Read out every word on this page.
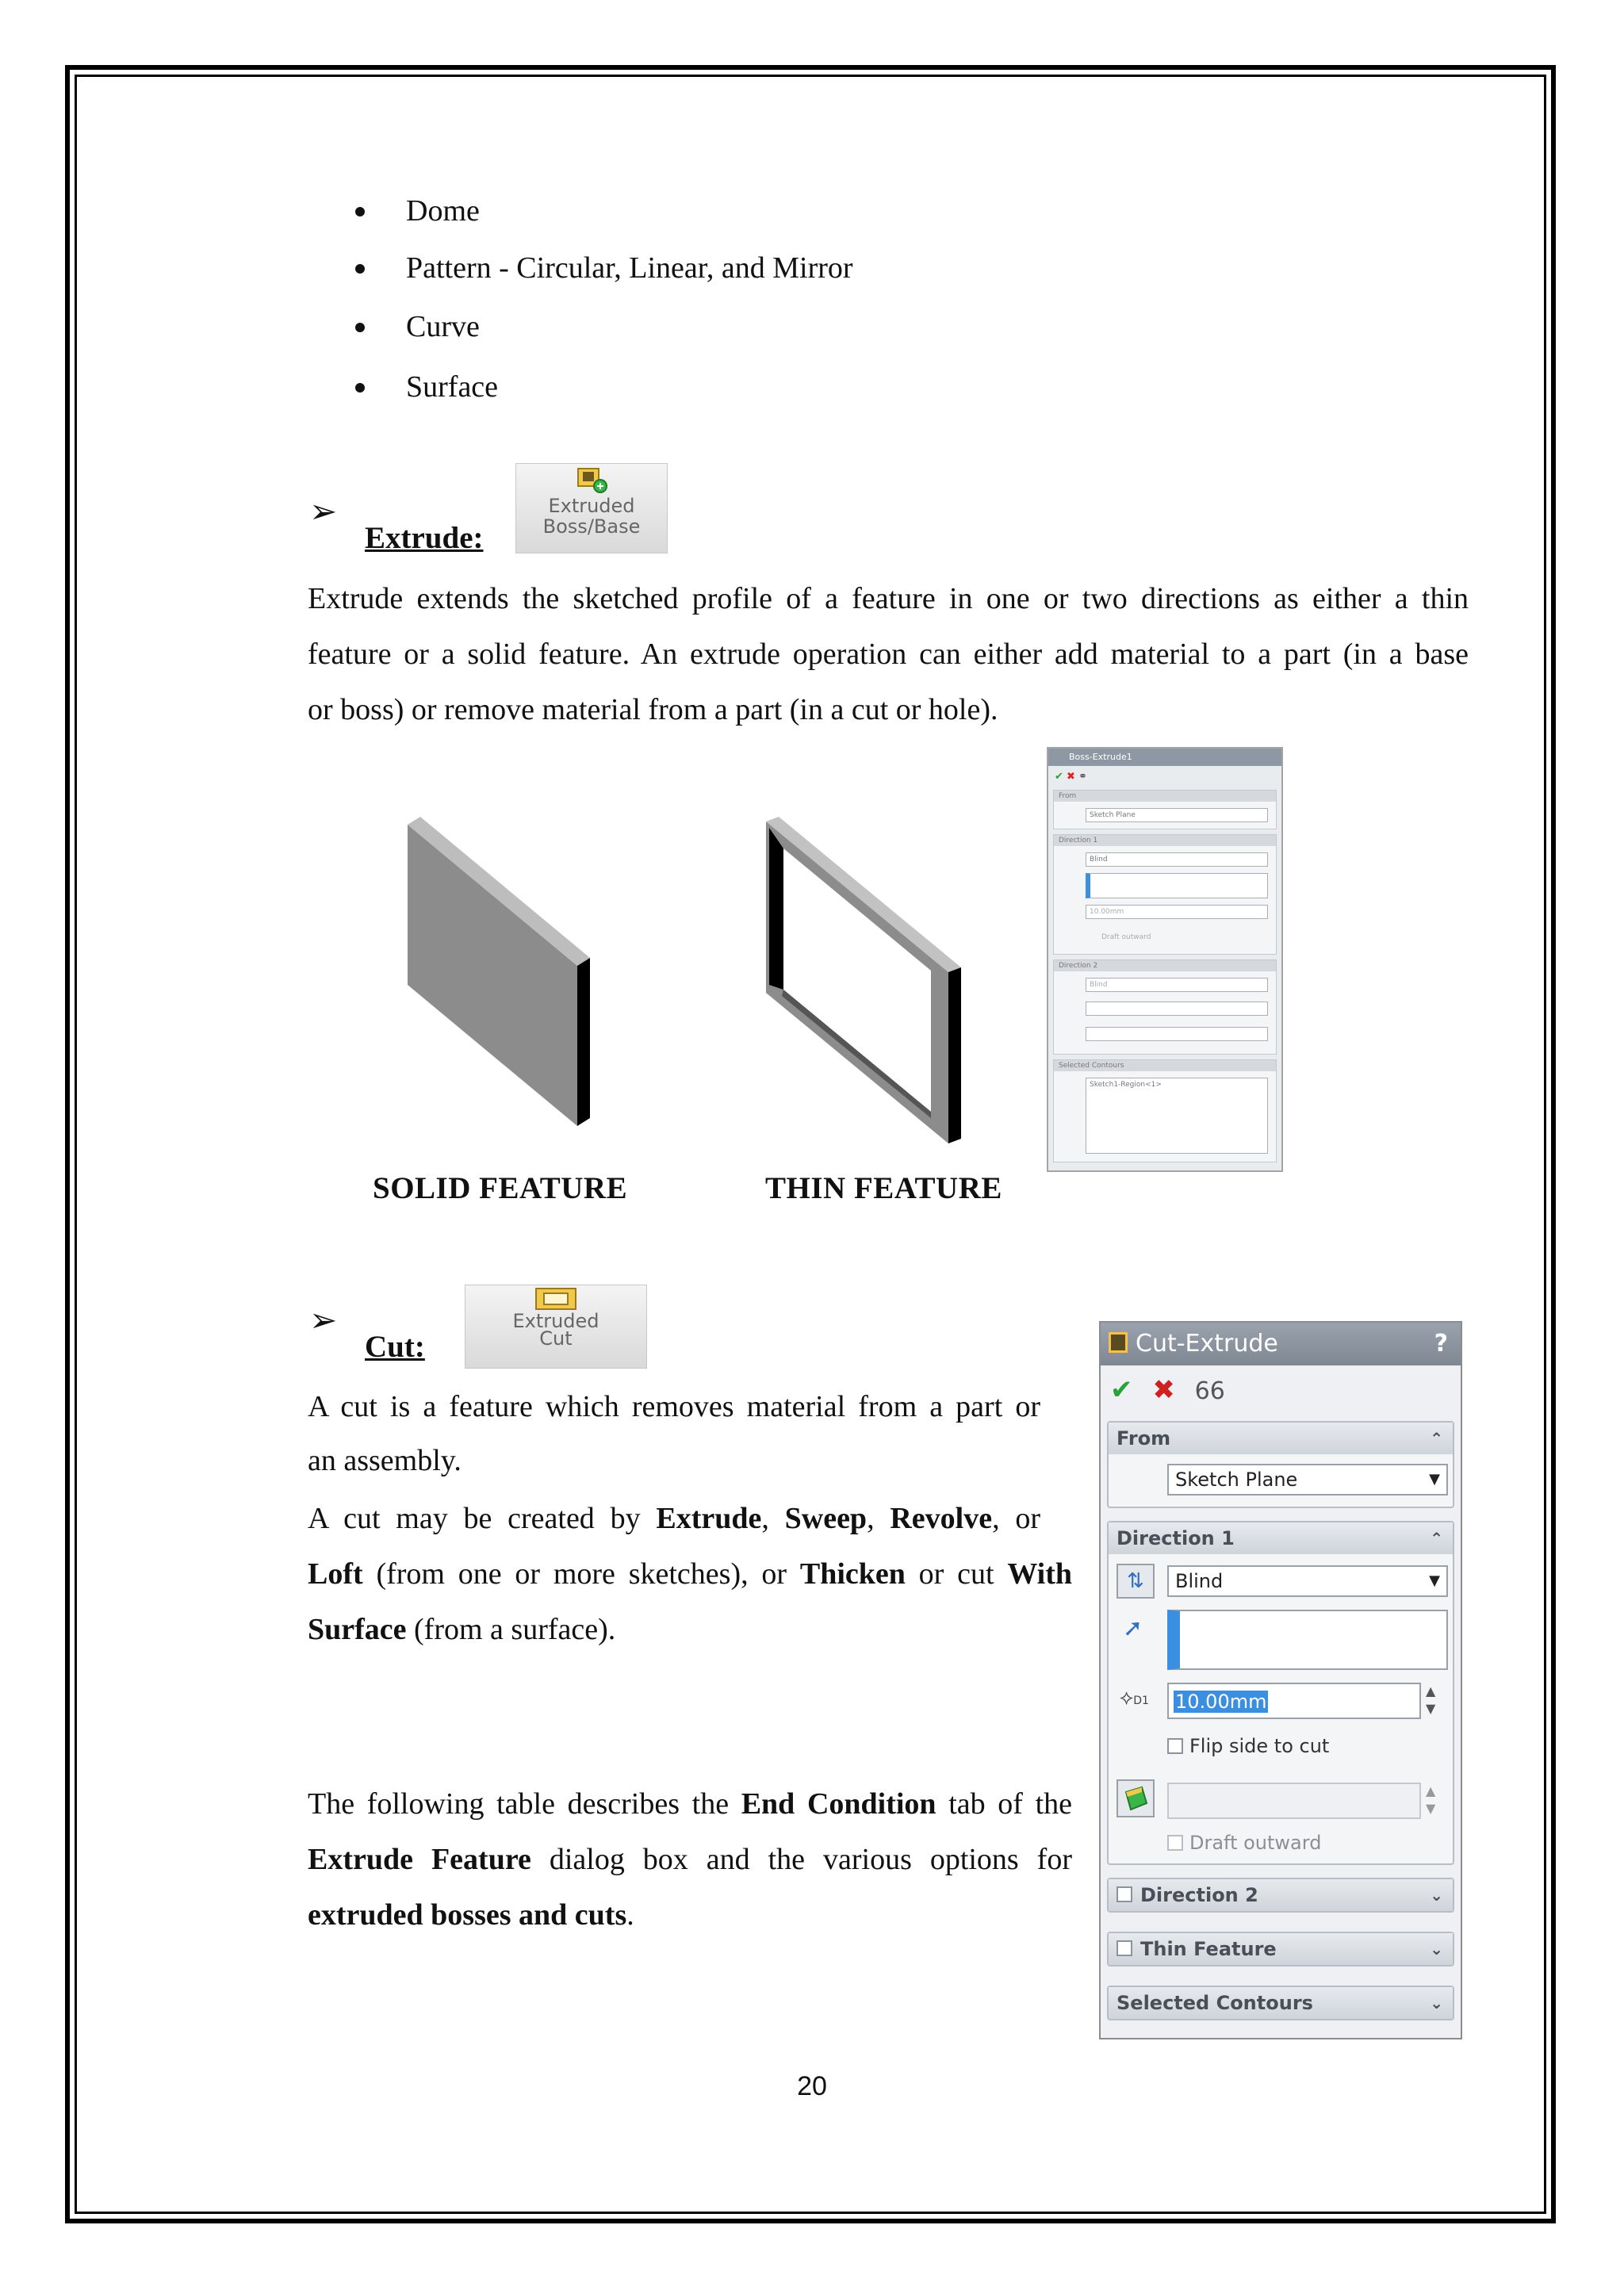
Dome
Pattern - Circular, Linear, and Mirror
Curve
Surface
➢
Extrude:
Extruded
Boss/Base
Extrude extends the sketched profile of a feature in one or two directions as either a thin
feature or a solid feature. An extrude operation can either add material to a part (in a base
or boss) or remove material from a part (in a cut or hole).
SOLID FEATURE	THIN FEATURE
Boss-Extrude1
✔ ✖ ⚭
From
Sketch Plane
Direction 1
Blind
10.00mm
Draft outward
Direction 2
Blind
Selected Contours
Sketch1-Region<1>
➢
Cut:
Extruded
Cut
A cut is a feature which removes material from a part or
an assembly.
A cut may be created by Extrude, Sweep, Revolve, or
Loft (from one or more sketches), or Thicken or cut With
Surface (from a surface).
The following table describes the End Condition tab of the
Extrude Feature dialog box and the various options for
extruded bosses and cuts.
Cut-Extrude	?
✔ ✖ 66
From	⌃
Sketch Plane	▼
Direction 1	⌃
⇅	Blind	▼
➚
⟡D1 10.00mm	▲
▼
Flip side to cut
▲
▼
Draft outward
Direction 2	⌄
Thin Feature	⌄
Selected Contours	⌄
20
